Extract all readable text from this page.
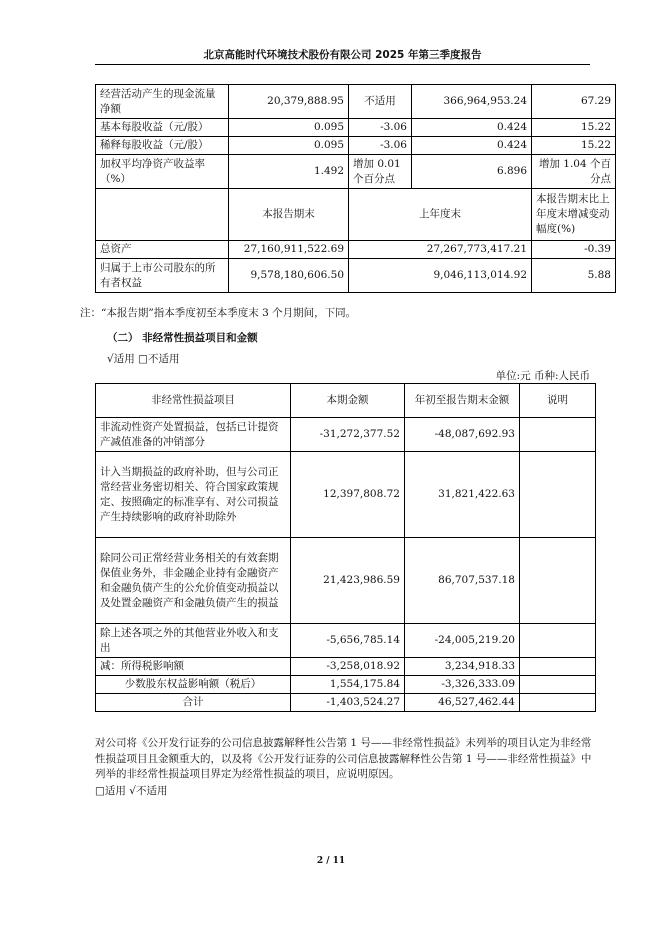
北京高能时代环境技术股份有限公司 2025 年第三季度报告
经营活动产生的现金流量净额	20,379,888.95	不适用	366,964,953.24	67.29
基本每股收益（元/股）	0.095	-3.06	0.424	15.22
稀释每股收益（元/股）	0.095	-3.06	0.424	15.22
加权平均净资产收益率（%）	1.492	增加 0.01 个百分点	6.896	增加 1.04 个百分点
	本报告期末	上年度末		本报告期末比上年度末增减变动幅度(%)
总资产	27,160,911,522.69	27,267,773,417.21		-0.39
归属于上市公司股东的所有者权益	9,578,180,606.50	9,046,113,014.92		5.88
注：“本报告期”指本季度初至本季度末 3 个月期间，下同。
（二） 非经常性损益项目和金额
√适用 □不适用
单位:元 币种:人民币
非经常性损益项目	本期金额	年初至报告期末金额	说明
非流动性资产处置损益，包括已计提资产减值准备的冲销部分	-31,272,377.52	-48,087,692.93	
计入当期损益的政府补助，但与公司正常经营业务密切相关、符合国家政策规定、按照确定的标准享有、对公司损益产生持续影响的政府补助除外	12,397,808.72	31,821,422.63	
除同公司正常经营业务相关的有效套期保值业务外，非金融企业持有金融资产和金融负债产生的公允价值变动损益以及处置金融资产和金融负债产生的损益	21,423,986.59	86,707,537.18	
除上述各项之外的其他营业外收入和支出	-5,656,785.14	-24,005,219.20	
减：所得税影响额	-3,258,018.92	3,234,918.33	
少数股东权益影响额（税后）	1,554,175.84	-3,326,333.09	
合计	-1,403,524.27	46,527,462.44	
对公司将《公开发行证券的公司信息披露解释性公告第 1 号——非经常性损益》未列举的项目认定为非经常性损益项目且金额重大的，以及将《公开发行证券的公司信息披露解释性公告第 1 号——非经常性损益》中列举的非经常性损益项目界定为经常性损益的项目，应说明原因。
□适用 √不适用
2 / 11
